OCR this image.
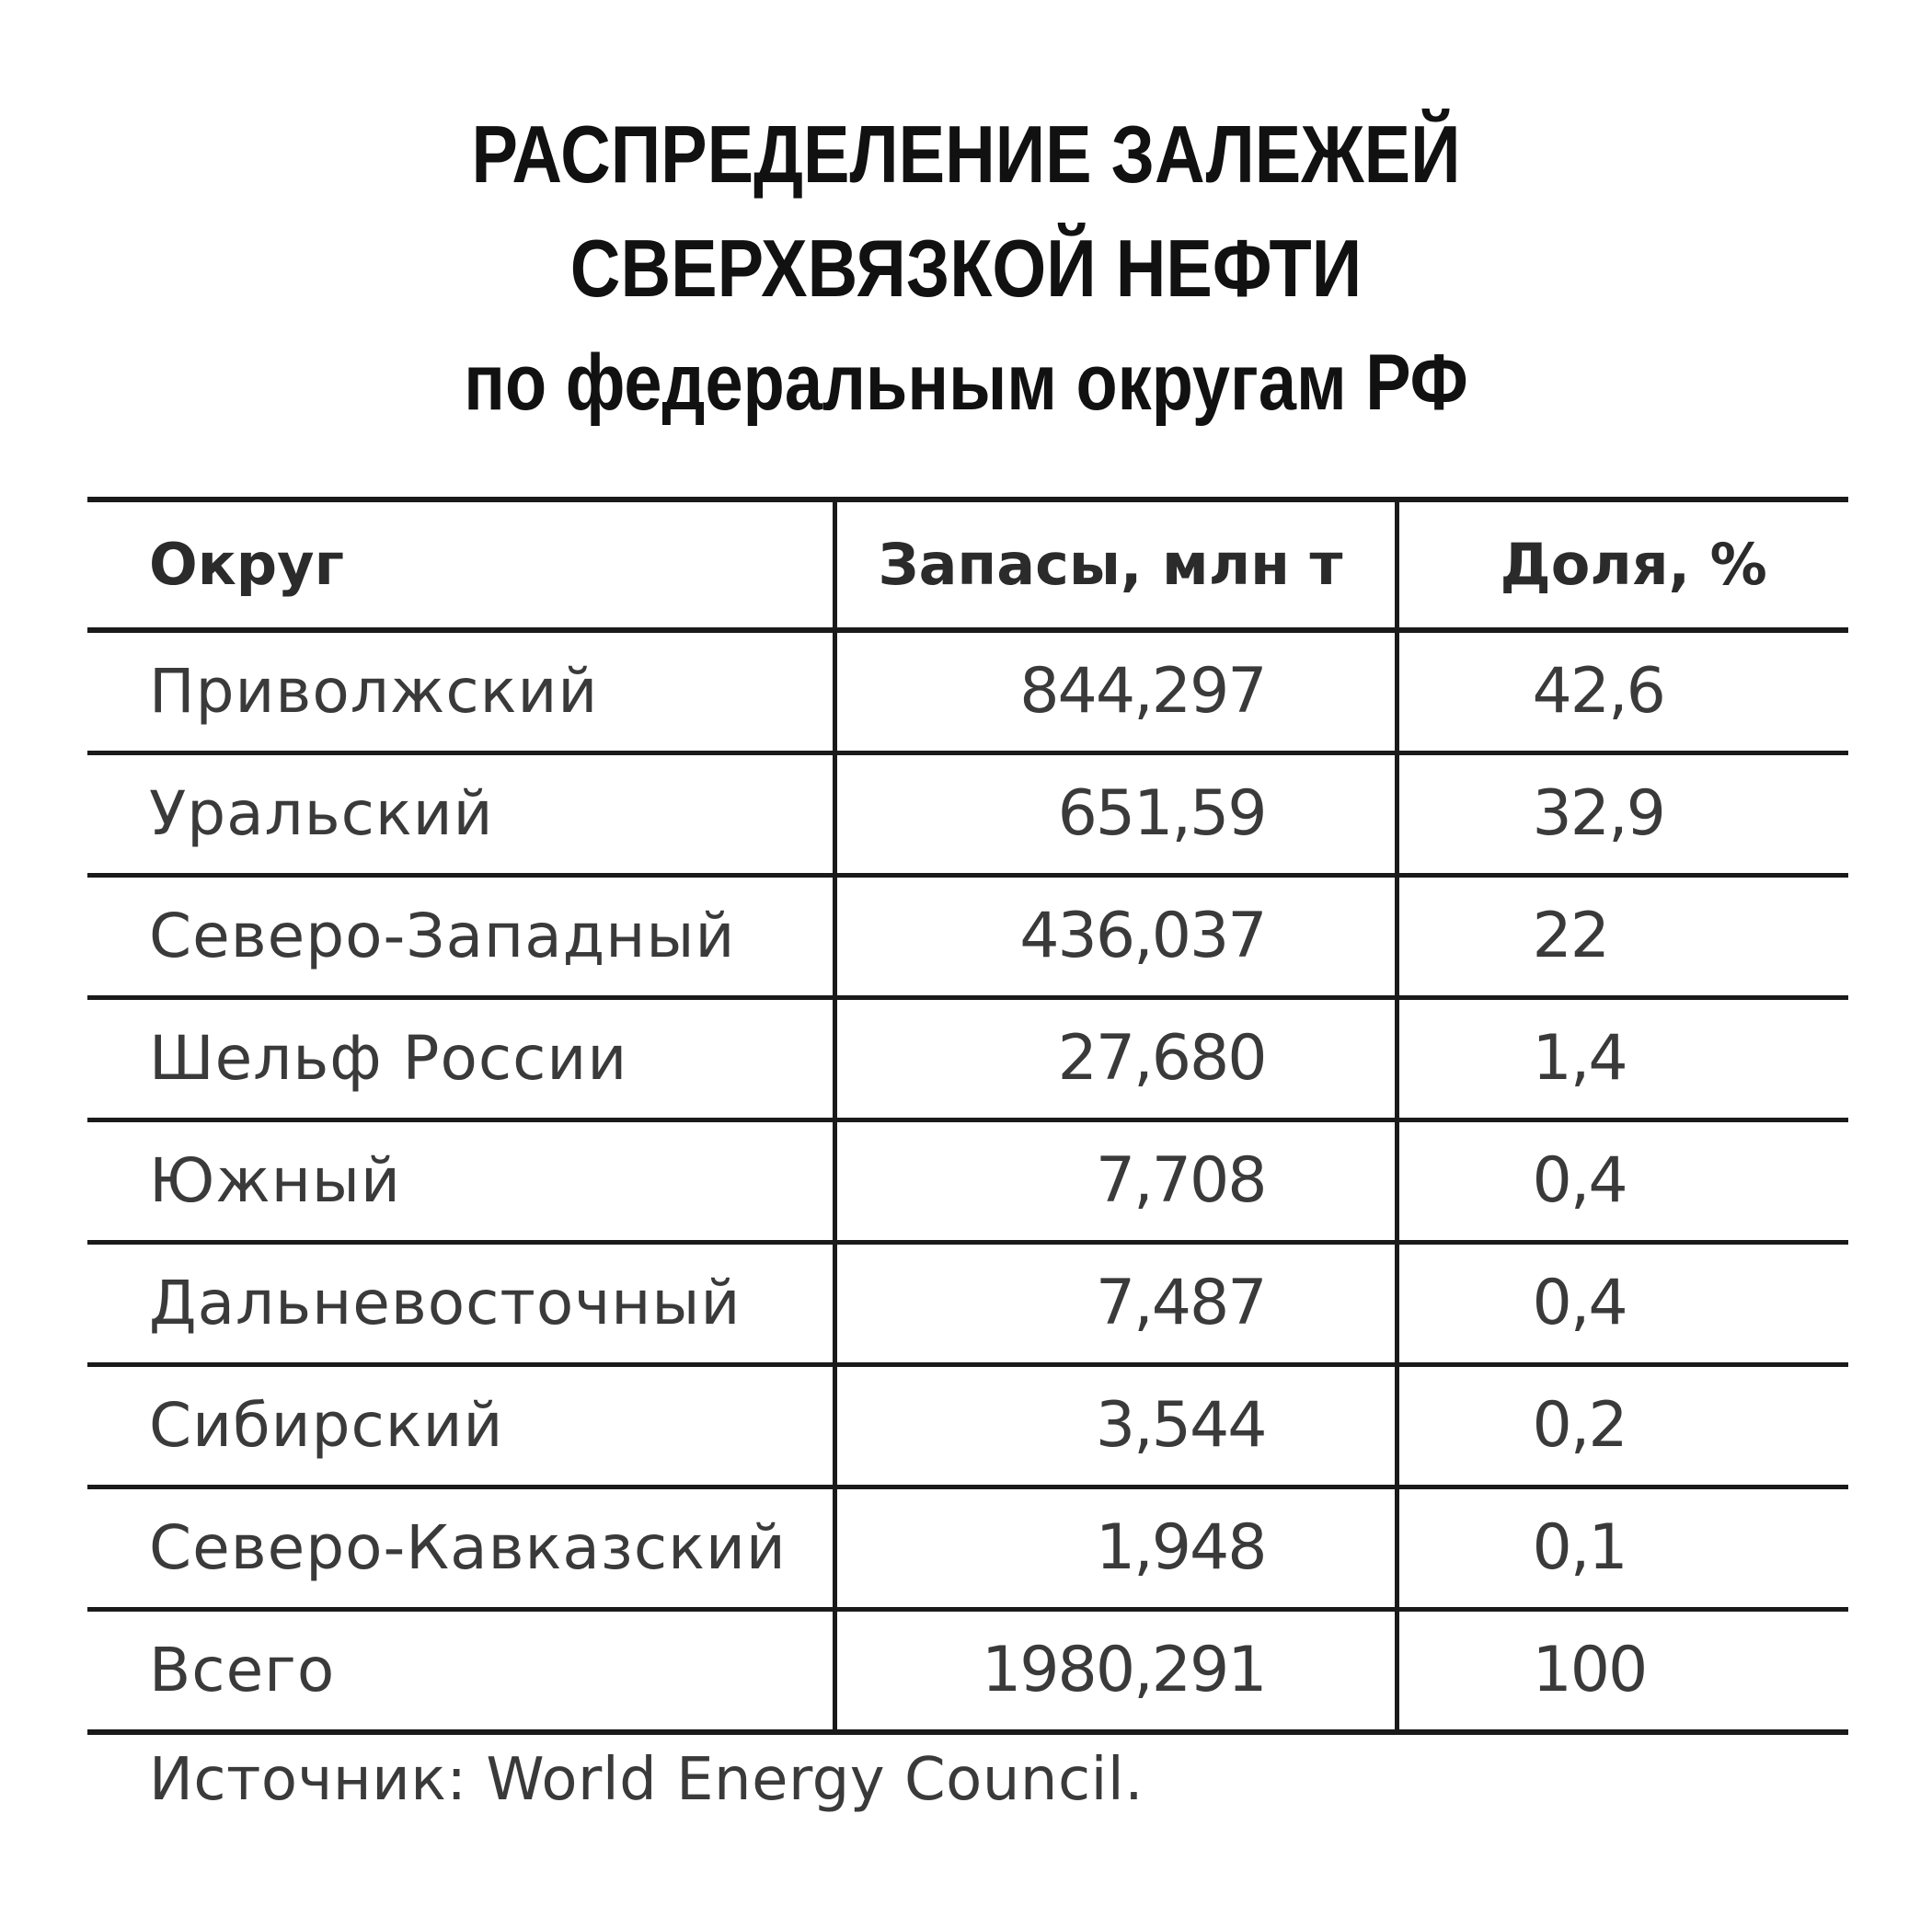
РАСПРЕДЕЛЕНИЕ ЗАЛЕЖЕЙ
СВЕРХВЯЗКОЙ НЕФТИ
по федеральным округам РФ
Округ	Запасы, млн т	Доля, %
Приволжский	844,297	42,6
Уральский	651,59	32,9
Северо-Западный	436,037	22
Шельф России	27,680	1,4
Южный	7,708	0,4
Дальневосточный	7,487	0,4
Сибирский	3,544	0,2
Северо-Кавказский	1,948	0,1
Всего	1980,291	100
Источник: World Energy Council.
